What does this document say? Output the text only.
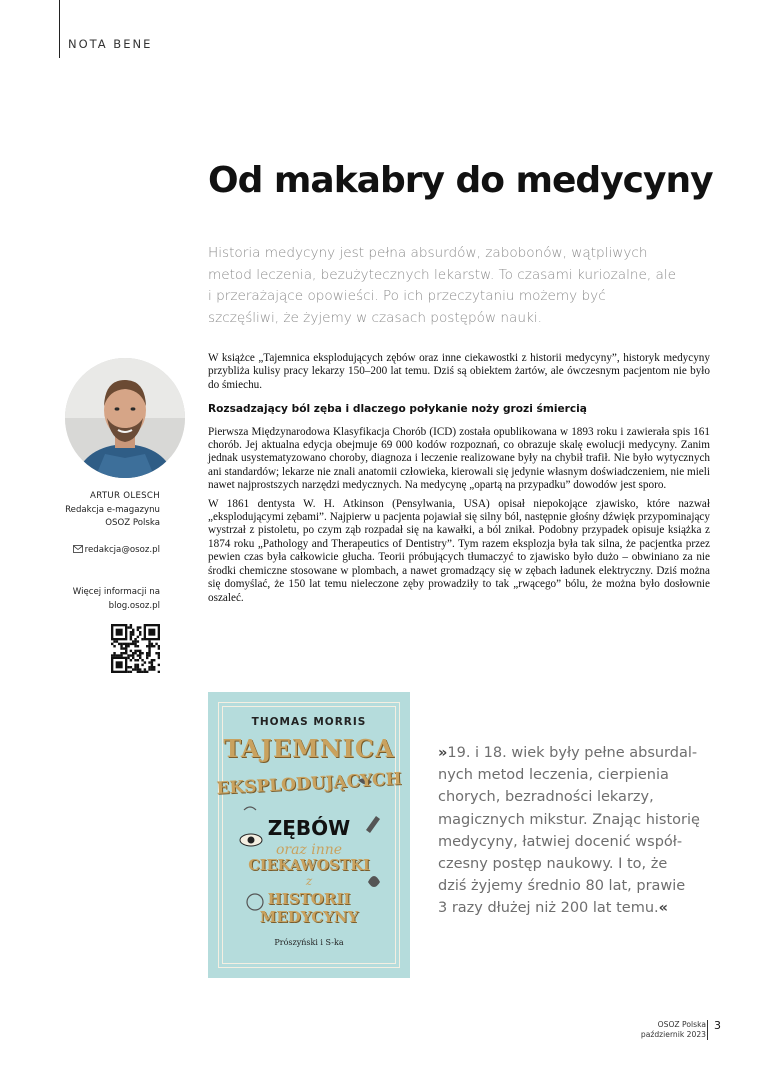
NOTA BENE
Od makabry do medycyny
Historia medycyny jest pełna absurdów, zabobonów, wątpliwych metod leczenia, bezużytecznych lekarstw. To czasami kuriozalne, ale i przerażające opowieści. Po ich przeczytaniu możemy być szczęśliwi, że żyjemy w czasach postępów nauki.
ARTUR OLESCH
Redakcja e-magazynu
OSOZ Polska
redakcja@osoz.pl
Więcej informacji na
blog.osoz.pl

W książce „Tajemnica eksplodujących zębów oraz inne ciekawostki z historii medycyny”, historyk medycyny przybliża kulisy pracy lekarzy 150–200 lat temu. Dziś są obiektem żartów, ale ówczesnym pacjentom nie było do śmiechu.

Rozsadzający ból zęba i dlaczego połykanie noży grozi śmiercią

Pierwsza Międzynarodowa Klasyfikacja Chorób (ICD) została opublikowana w 1893 roku i zawierała spis 161 chorób. Jej aktualna edycja obejmuje 69 000 kodów rozpoznań, co obrazuje skalę ewolucji medycyny. Zanim jednak usystematyzowano choroby, diagnoza i leczenie realizowane były na chybił trafił. Nie było wytycznych ani standardów; lekarze nie znali anatomii człowieka, kierowali się jedynie własnym doświadczeniem, nie mieli nawet najprostszych narzędzi medycznych. Na medycynę „opartą na przypadku” dowodów jest sporo.

W 1861 dentysta W. H. Atkinson (Pensylwania, USA) opisał niepokojące zjawisko, które nazwał „eksplodującymi zębami”. Najpierw u pacjenta pojawiał się silny ból, następnie głośny dźwięk przypominający wystrzał z pistoletu, po czym ząb rozpadał się na kawałki, a ból znikał. Podobny przypadek opisuje książka z 1874 roku „Pathology and Therapeutics of Dentistry”. Tym razem eksplozja była tak silna, że pacjentka przez pewien czas była całkowicie głucha. Teorii próbujących tłumaczyć to zjawisko było dużo – obwiniano za nie środki chemiczne stosowane w plombach, a nawet gromadzący się w zębach ładunek elektryczny. Dziś można się domyślać, że 150 lat temu nieleczone zęby prowadziły to tak „rwącego” bólu, że można było dosłownie oszaleć.

THOMAS MORRIS
TAJEMNICA
EKSPLODUJĄCYCH
ZĘBÓW
oraz inne
CIEKAWOSTKI
z
HISTORII
MEDYCYNY
Prószyński i S-ka
»19. i 18. wiek były pełne absurdal-
nych metod leczenia, cierpienia
chorych, bezradności lekarzy,
magicznych mikstur. Znając historię
medycyny, łatwiej docenić współ-
czesny postęp naukowy. I to, że
dziś żyjemy średnio 80 lat, prawie
3 razy dłużej niż 200 lat temu.«
OSOZ Polska
październik 2023
3
